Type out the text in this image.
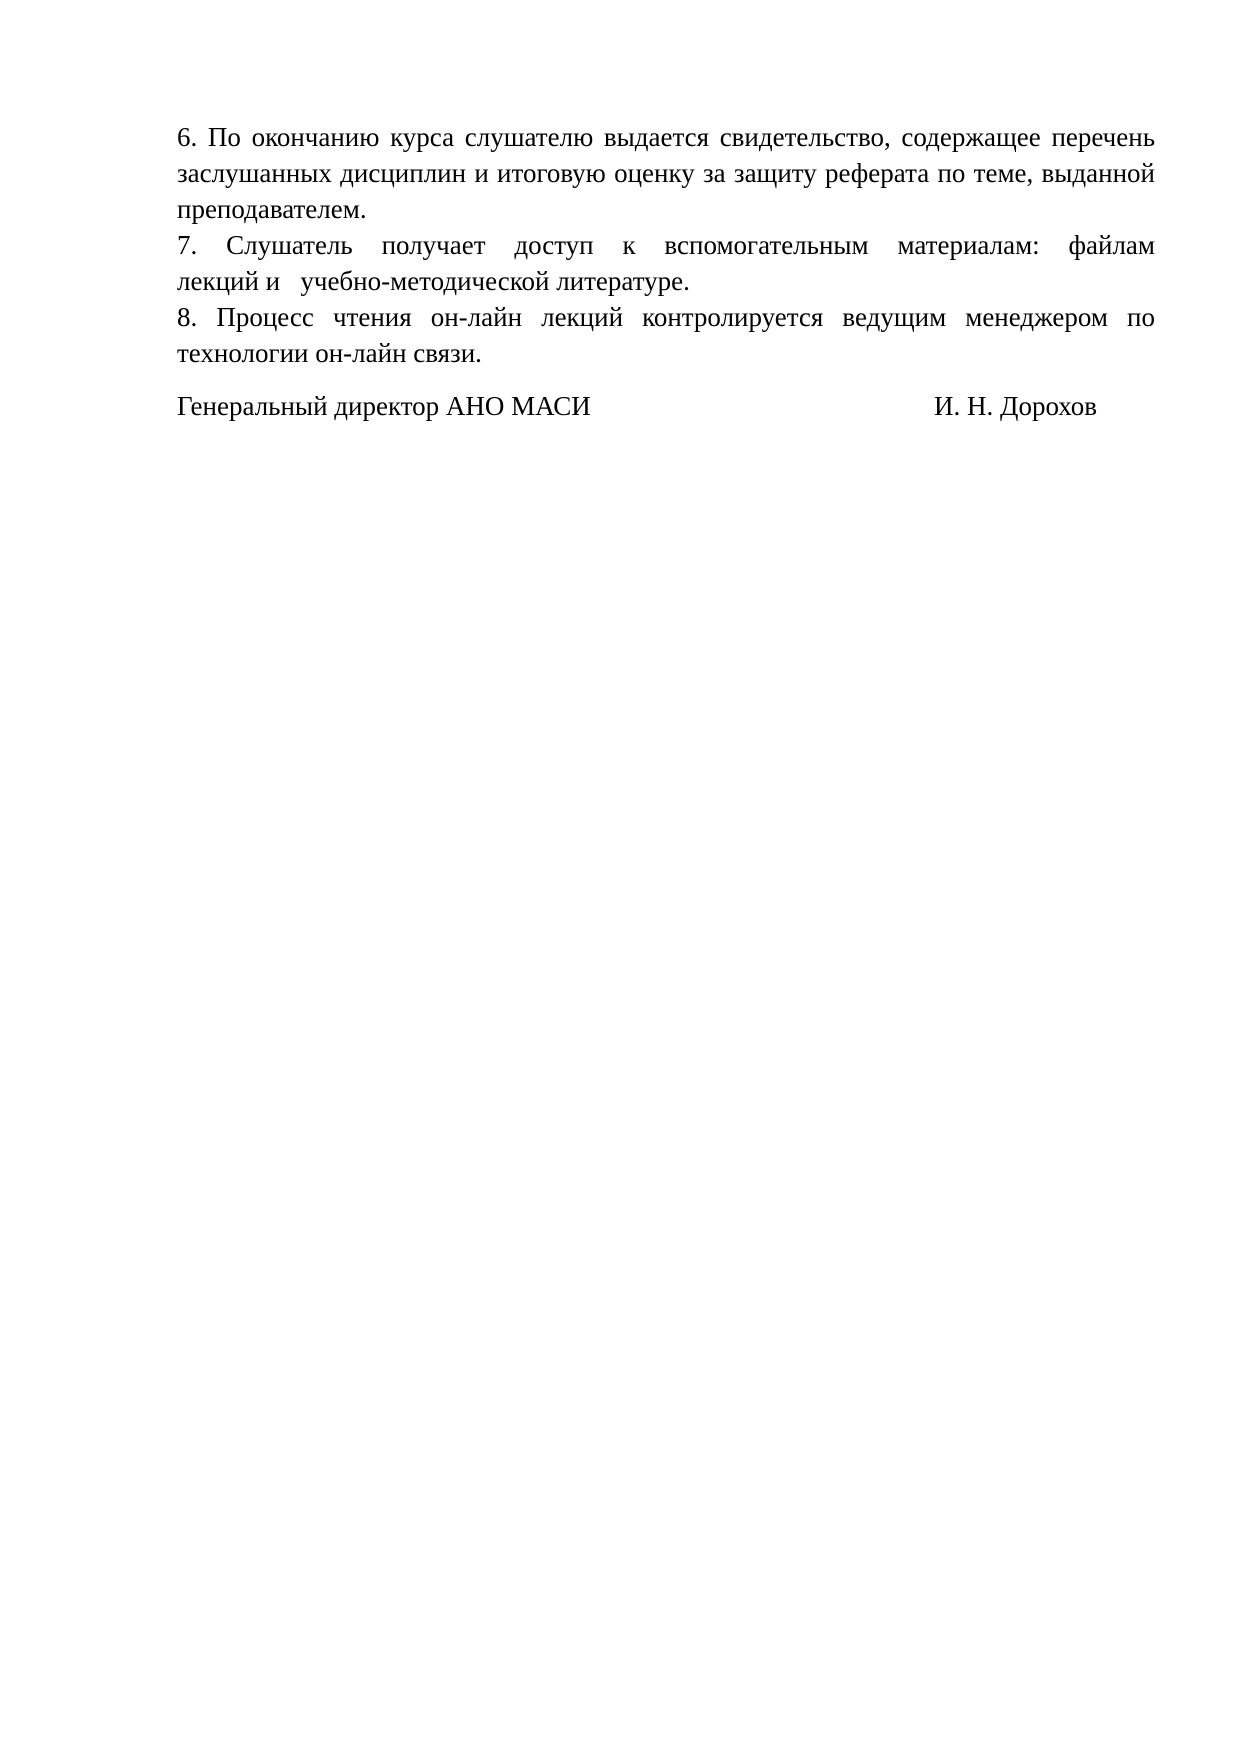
6. По окончанию курса слушателю выдается свидетельство, содержащее перечень заслушанных дисциплин и итоговую оценку за защиту реферата по теме, выданной преподавателем.

7. Слушатель получает доступ к вспомогательным материалам: файлам лекций и   учебно-методической литературе.

8. Процесс чтения он-лайн лекций контролируется ведущим менеджером по технологии он-лайн связи.

Генеральный директор АНО МАСИ	И. Н. Дорохов
